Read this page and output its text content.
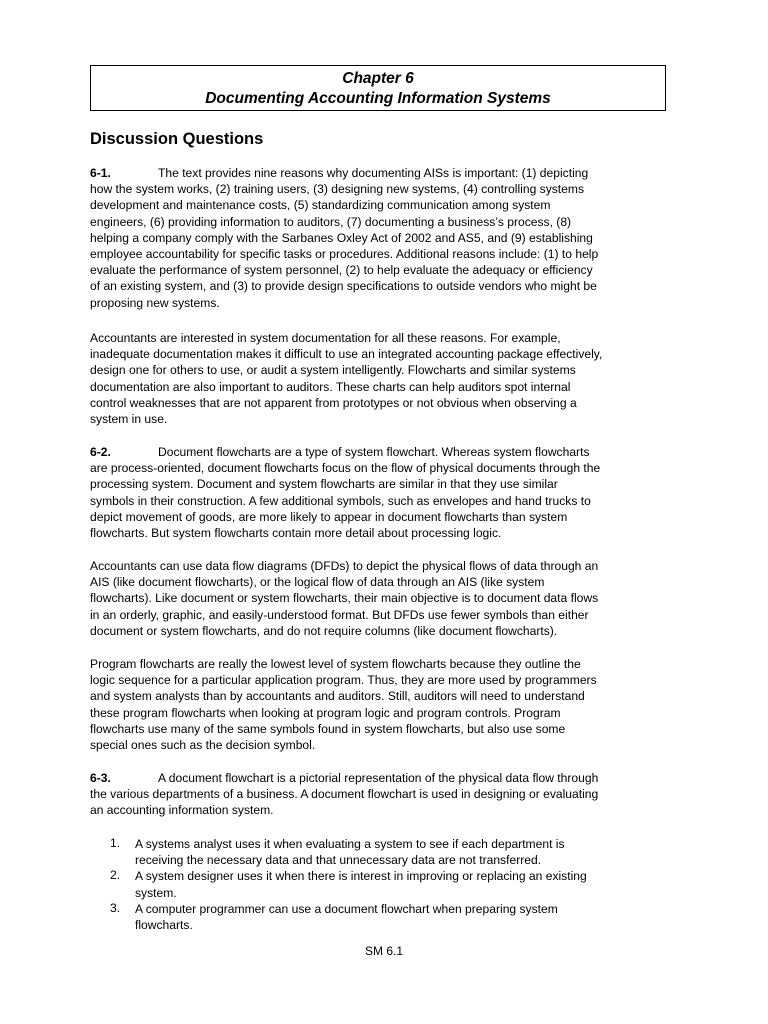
Chapter 6
Documenting Accounting Information Systems
Discussion Questions
6-1.	The text provides nine reasons why documenting AISs is important: (1) depicting
how the system works, (2) training users, (3) designing new systems, (4) controlling systems
development and maintenance costs, (5) standardizing communication among system
engineers, (6) providing information to auditors, (7) documenting a business’s process, (8)
helping a company comply with the Sarbanes Oxley Act of 2002 and AS5, and (9) establishing
employee accountability for specific tasks or procedures. Additional reasons include: (1) to help
evaluate the performance of system personnel, (2) to help evaluate the adequacy or efficiency
of an existing system, and (3) to provide design specifications to outside vendors who might be
proposing new systems.
Accountants are interested in system documentation for all these reasons. For example,
inadequate documentation makes it difficult to use an integrated accounting package effectively,
design one for others to use, or audit a system intelligently. Flowcharts and similar systems
documentation are also important to auditors. These charts can help auditors spot internal
control weaknesses that are not apparent from prototypes or not obvious when observing a
system in use.
6-2.	Document flowcharts are a type of system flowchart. Whereas system flowcharts
are process-oriented, document flowcharts focus on the flow of physical documents through the
processing system. Document and system flowcharts are similar in that they use similar
symbols in their construction. A few additional symbols, such as envelopes and hand trucks to
depict movement of goods, are more likely to appear in document flowcharts than system
flowcharts. But system flowcharts contain more detail about processing logic.
Accountants can use data flow diagrams (DFDs) to depict the physical flows of data through an
AIS (like document flowcharts), or the logical flow of data through an AIS (like system
flowcharts). Like document or system flowcharts, their main objective is to document data flows
in an orderly, graphic, and easily-understood format. But DFDs use fewer symbols than either
document or system flowcharts, and do not require columns (like document flowcharts).
Program flowcharts are really the lowest level of system flowcharts because they outline the
logic sequence for a particular application program. Thus, they are more used by programmers
and system analysts than by accountants and auditors. Still, auditors will need to understand
these program flowcharts when looking at program logic and program controls. Program
flowcharts use many of the same symbols found in system flowcharts, but also use some
special ones such as the decision symbol.
6-3.	A document flowchart is a pictorial representation of the physical data flow through
the various departments of a business. A document flowchart is used in designing or evaluating
an accounting information system.
1.	A systems analyst uses it when evaluating a system to see if each department is
receiving the necessary data and that unnecessary data are not transferred.
2.	A system designer uses it when there is interest in improving or replacing an existing
system.
3.	A computer programmer can use a document flowchart when preparing system
flowcharts.
SM 6.1
